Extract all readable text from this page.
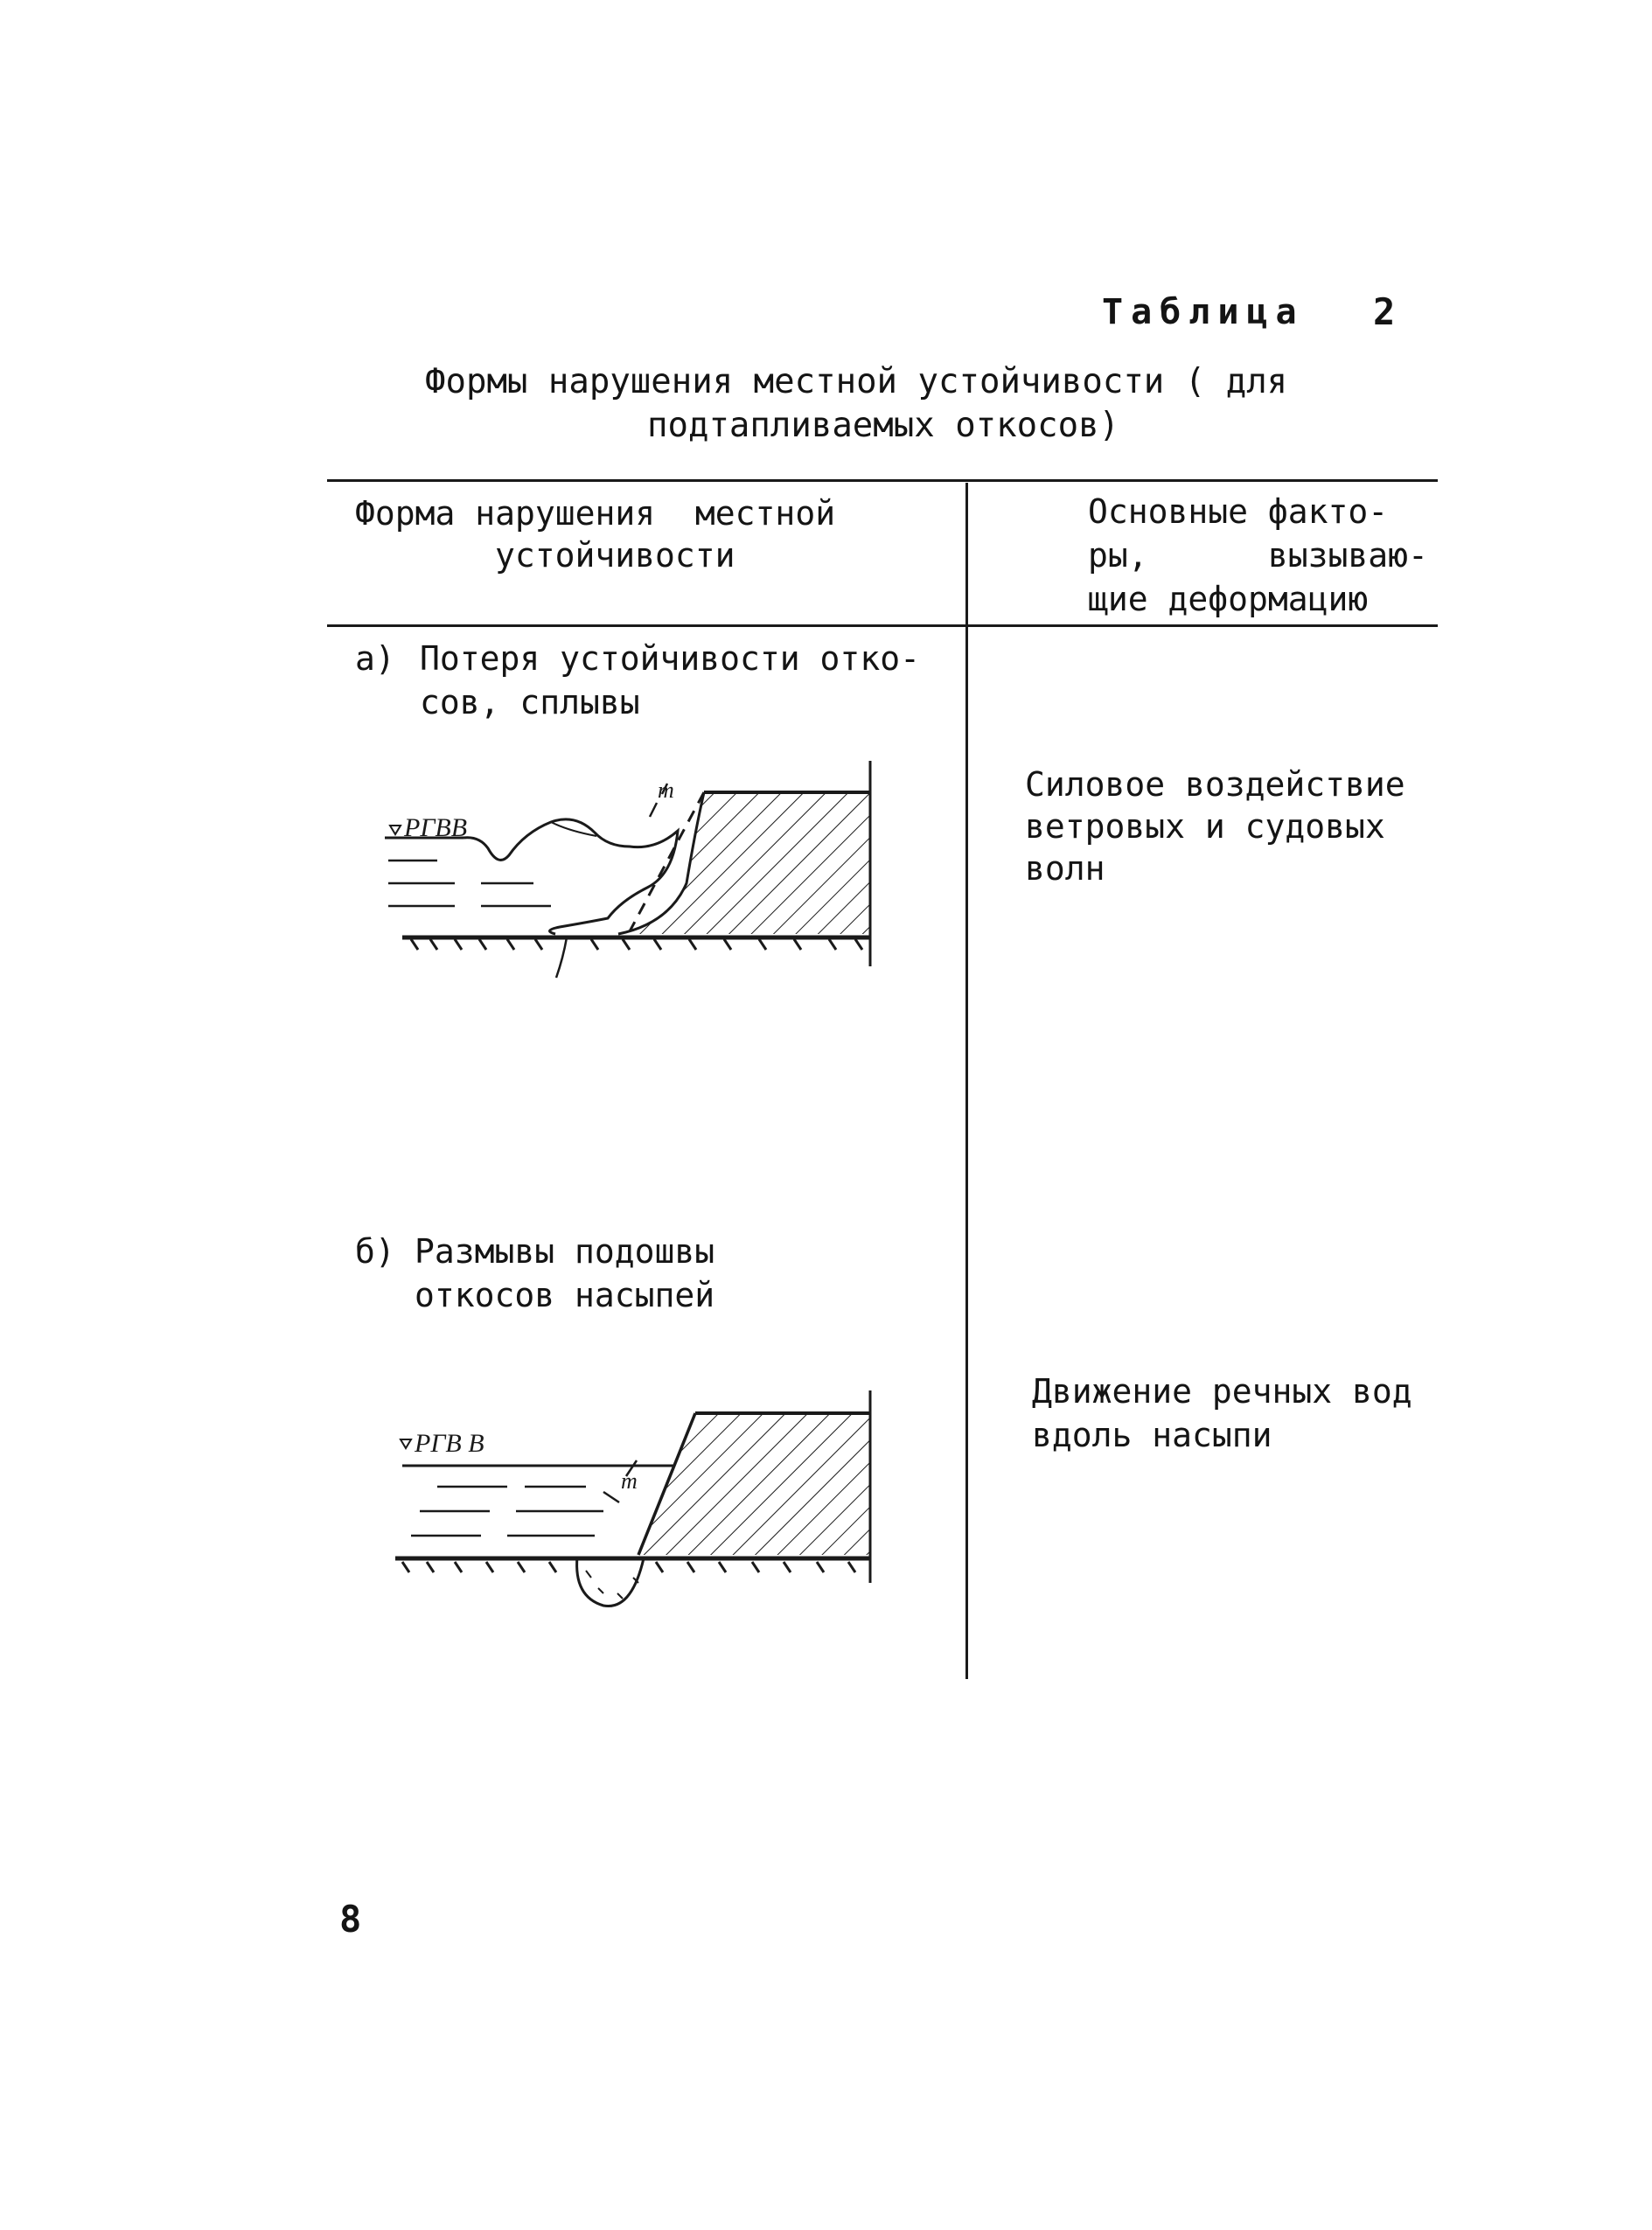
Таблица 2
Формы нарушения местной устойчивости ( для
подтапливаемых откосов)
Форма нарушения  местной
устойчивости
Основные факто-
ры,      вызываю-
щие деформацию
а) Потеря устойчивости отко-
сов, сплывы
Силовое воздействие
ветровых и судовых
волн
РГВВ
m
б) Размывы подошвы
откосов насыпей
Движение речных вод
вдоль насыпи
РГВ В
m
8
